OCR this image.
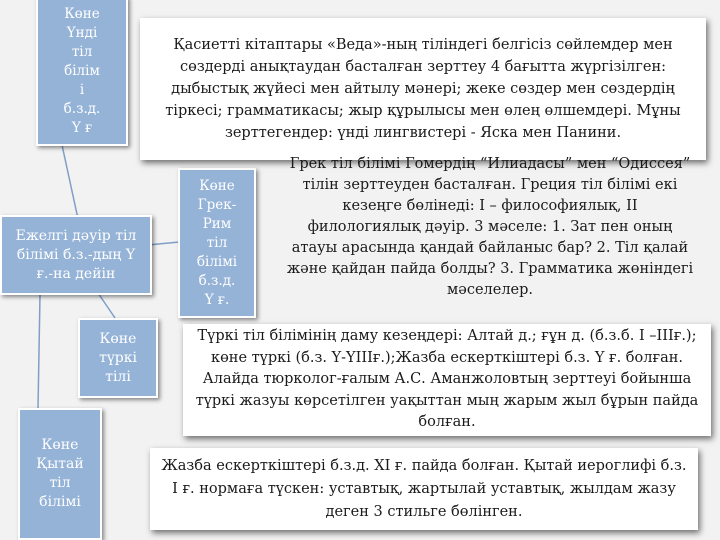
Көне
Үнді
тіл
білім
і
б.з.д.
Ү ғ
Ежелгі дәуір тіл білімі б.з.-дың Ү ғ.-на дейін
Көне
Грек-
Рим
тіл
білімі
б.з.д.
Ү ғ.
Көне
түркі
тілі
Көне
Қытай
тіл
білімі
Қасиетті кітаптары «Веда»-ның тіліндегі белгісіз сөйлемдер мен сөздерді анықтаудан басталған зерттеу 4 бағытта жүргізілген: дыбыстық жүйесі мен айтылу мәнері; жеке сөздер мен сөздердің тіркесі; грамматикасы; жыр құрылысы мен өлең өлшемдері. Мұны зерттегендер: үнді лингвистері - Яска мен Панини.
Грек тіл білімі Гомердің “Илиадасы” мен “Одиссея” тілін зерттеуден басталған. Греция тіл білімі екі кезеңге бөлінеді: І – философиялық, ІІ филологиялық дәуір. 3 мәселе: 1. Зат пен оның атауы арасында қандай байланыс бар? 2. Тіл қалай және қайдан пайда болды? 3. Грамматика жөніндегі мәселелер.
Түркі тіл білімінің даму кезеңдері: Алтай д.; ғұн д. (б.з.б. І –ІІІғ.); көне түркі (б.з. Ү-ҮІІІғ.);Жазба ескерткіштері б.з. Ү ғ. болған. Алайда тюрколог-ғалым А.С. Аманжоловтың зерттеуі бойынша түркі жазуы көрсетілген уақыттан мың жарым жыл бұрын пайда болған.
Жазба ескерткіштері б.з.д. ХІ ғ. пайда болған. Қытай иероглифі б.з. І ғ. нормаға түскен: уставтық, жартылай уставтық, жылдам жазу деген 3 стильге бөлінген.
